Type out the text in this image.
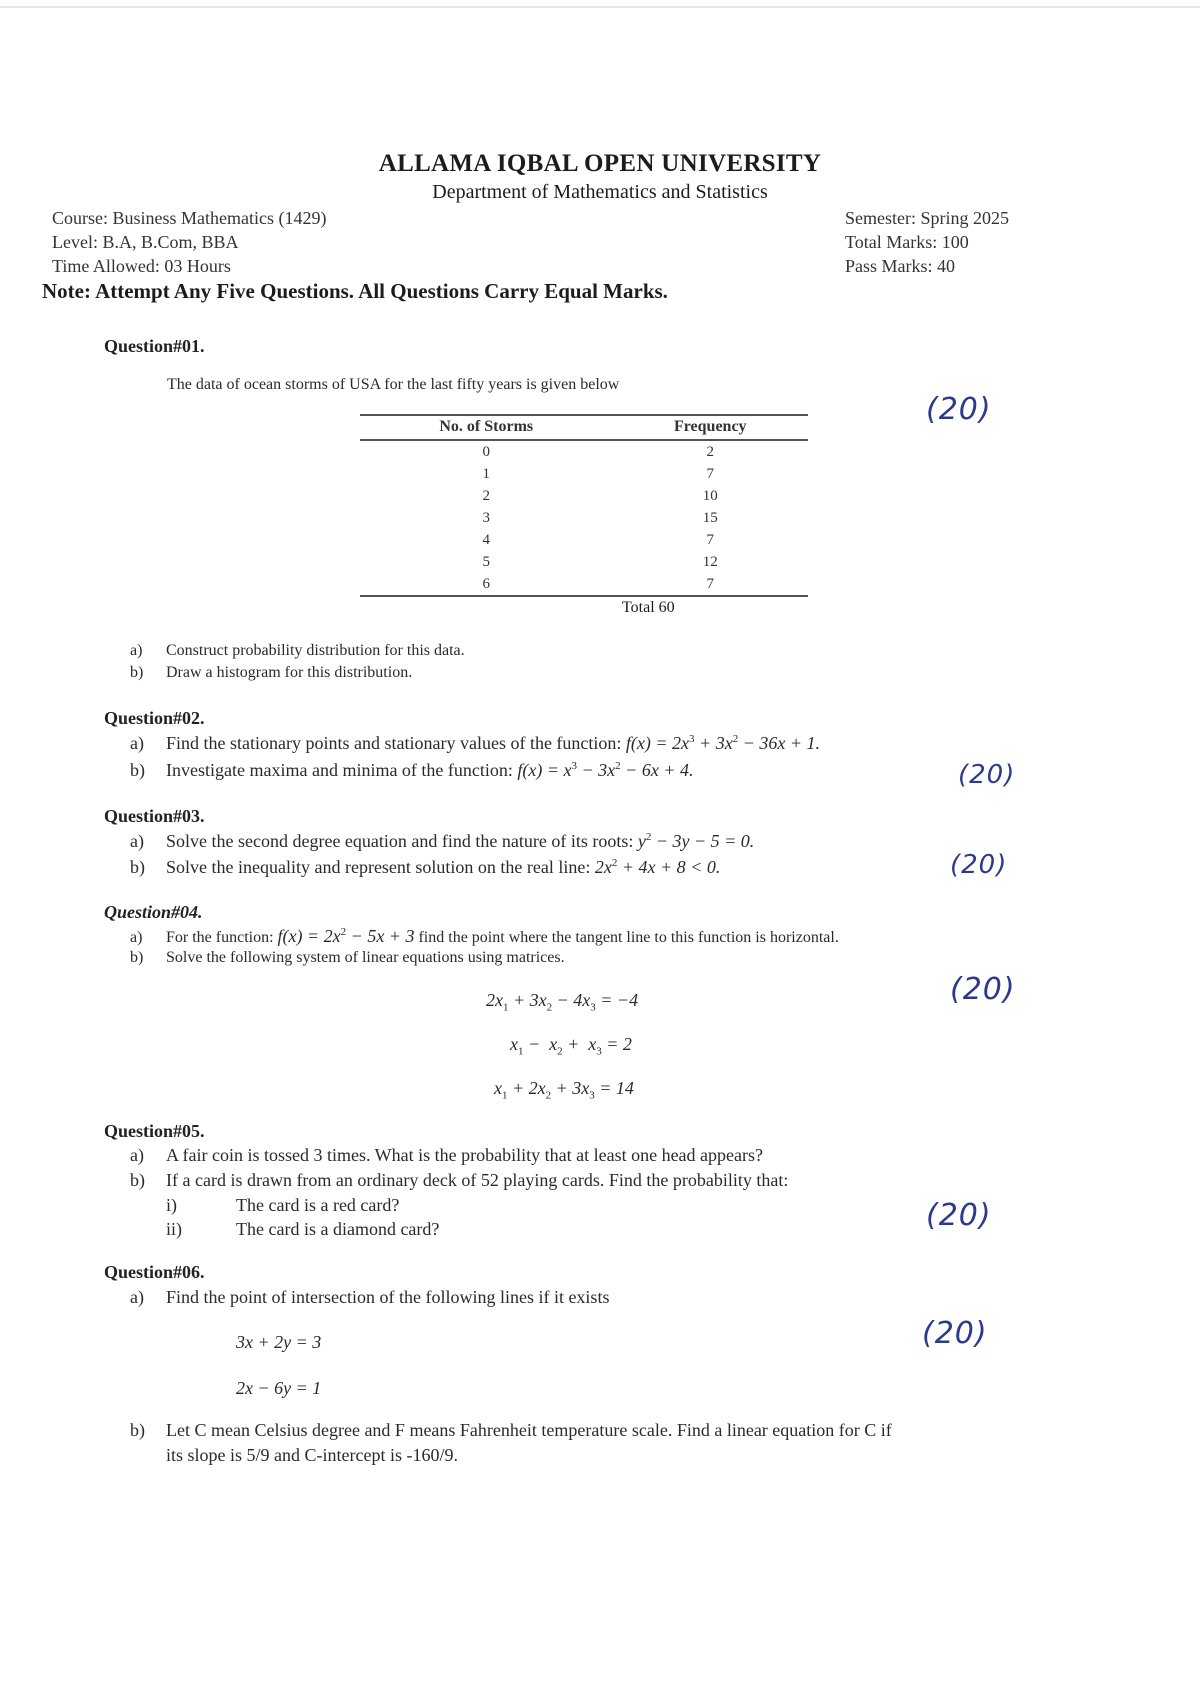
ALLAMA IQBAL OPEN UNIVERSITY
Department of Mathematics and Statistics
Course: Business Mathematics (1429)
Level: B.A, B.Com, BBA
Time Allowed: 03 Hours
Semester: Spring 2025
Total Marks: 100
Pass Marks: 40
Note: Attempt Any Five Questions. All Questions Carry Equal Marks.
Question#01.
The data of ocean storms of USA for the last fifty years is given below
(20)
No. of Storms	Frequency
0	2
1	7
2	10
3	15
4	7
5	12
6	7
Total 60
a) Construct probability distribution for this data.
b) Draw a histogram for this distribution.
Question#02.
a) Find the stationary points and stationary values of the function: $f(x) = 2x^3 + 3x^2 - 36x + 1$.
b) Investigate maxima and minima of the function: $f(x) = x^3 - 3x^2 - 6x + 4$.	(20)
Question#03.
a) Solve the second degree equation and find the nature of its roots: $y^2 - 3y - 5 = 0$.
b) Solve the inequality and represent solution on the real line: $2x^2 + 4x + 8 < 0$.	(20)
Question#04.
a) For the function: $f(x) = 2x^2 - 5x + 3$ find the point where the tangent line to this function is horizontal.
b) Solve the following system of linear equations using matrices.
(20)
$2x_1 + 3x_2 - 4x_3 = -4$
$x_1 - x_2 + x_3 = 2$
$x_1 + 2x_2 + 3x_3 = 14$
Question#05.
a) A fair coin is tossed 3 times. What is the probability that at least one head appears?
b) If a card is drawn from an ordinary deck of 52 playing cards. Find the probability that:
i)	The card is a red card?
ii)	The card is a diamond card?	(20)
Question#06.
a) Find the point of intersection of the following lines if it exists
(20)
3x + 2y = 3
2x − 6y = 1
b) Let C mean Celsius degree and F means Fahrenheit temperature scale. Find a linear equation for C if
its slope is 5/9 and C-intercept is -160/9.
